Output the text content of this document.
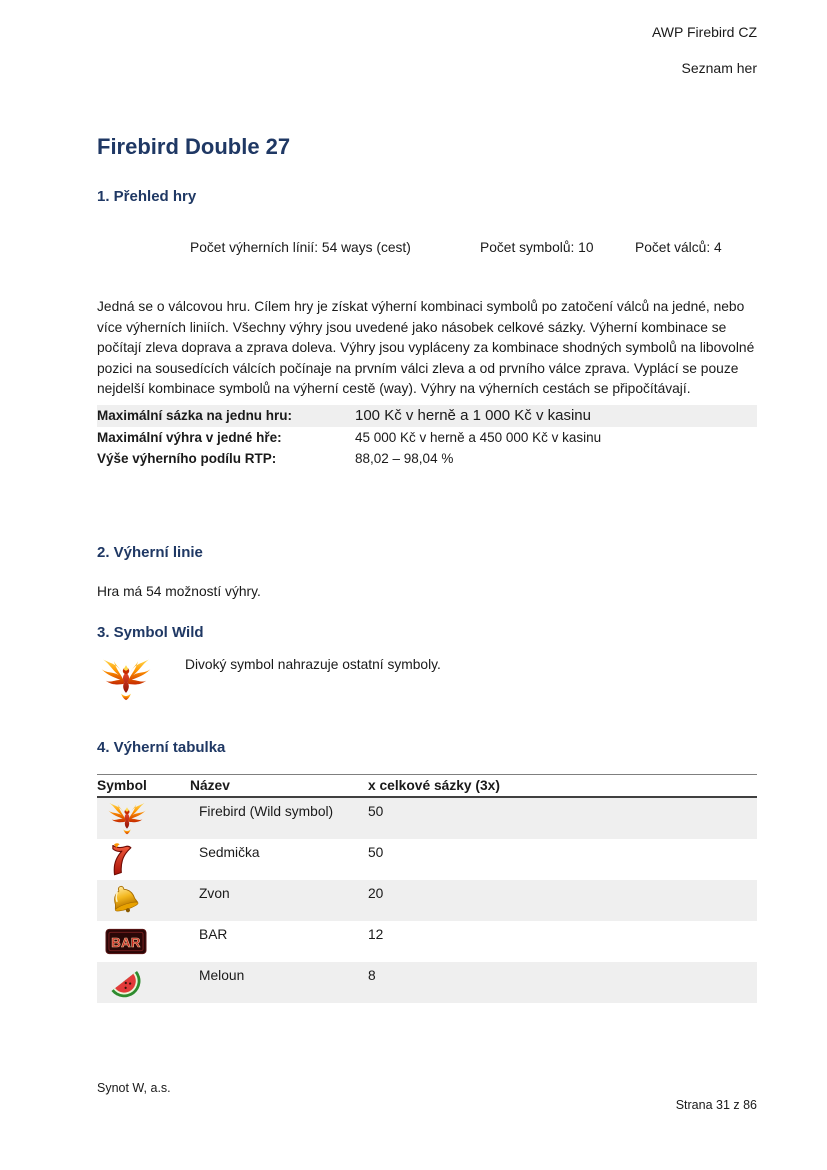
AWP Firebird CZ
Seznam her
Firebird Double 27
1. Přehled hry
Počet výherních línií: 54 ways (cest)	Počet symbolů: 10	Počet válců: 4
Jedná se o válcovou hru. Cílem hry je získat výherní kombinaci symbolů po zatočení válců na jedné, nebo více výherních liniích. Všechny výhry jsou uvedené jako násobek celkové sázky. Výherní kombinace se počítají zleva doprava a zprava doleva. Výhry jsou vypláceny za kombinace shodných symbolů na libovolné pozici na sousedících válcích počínaje na prvním válci zleva a od prvního válce zprava. Vyplácí se pouze nejdelší kombinace symbolů na výherní cestě (way). Výhry na výherních cestách se připočítávají.
Maximální sázka na jednu hru:	100 Kč v herně a 1 000 Kč v kasinu
Maximální výhra v jedné hře:	45 000 Kč v herně a 450 000 Kč v kasinu
Výše výherního podílu RTP:	88,02 – 98,04 %
2. Výherní linie
Hra má 54 možností výhry.
3. Symbol Wild
Divoký symbol nahrazuje ostatní symboly.
4. Výherní tabulka
Symbol	Název	x celkové sázky (3x)
Firebird (Wild symbol)	50
Sedmička	50
Zvon	20
BAR	12
Meloun	8
Synot W, a.s.
Strana 31 z 86
